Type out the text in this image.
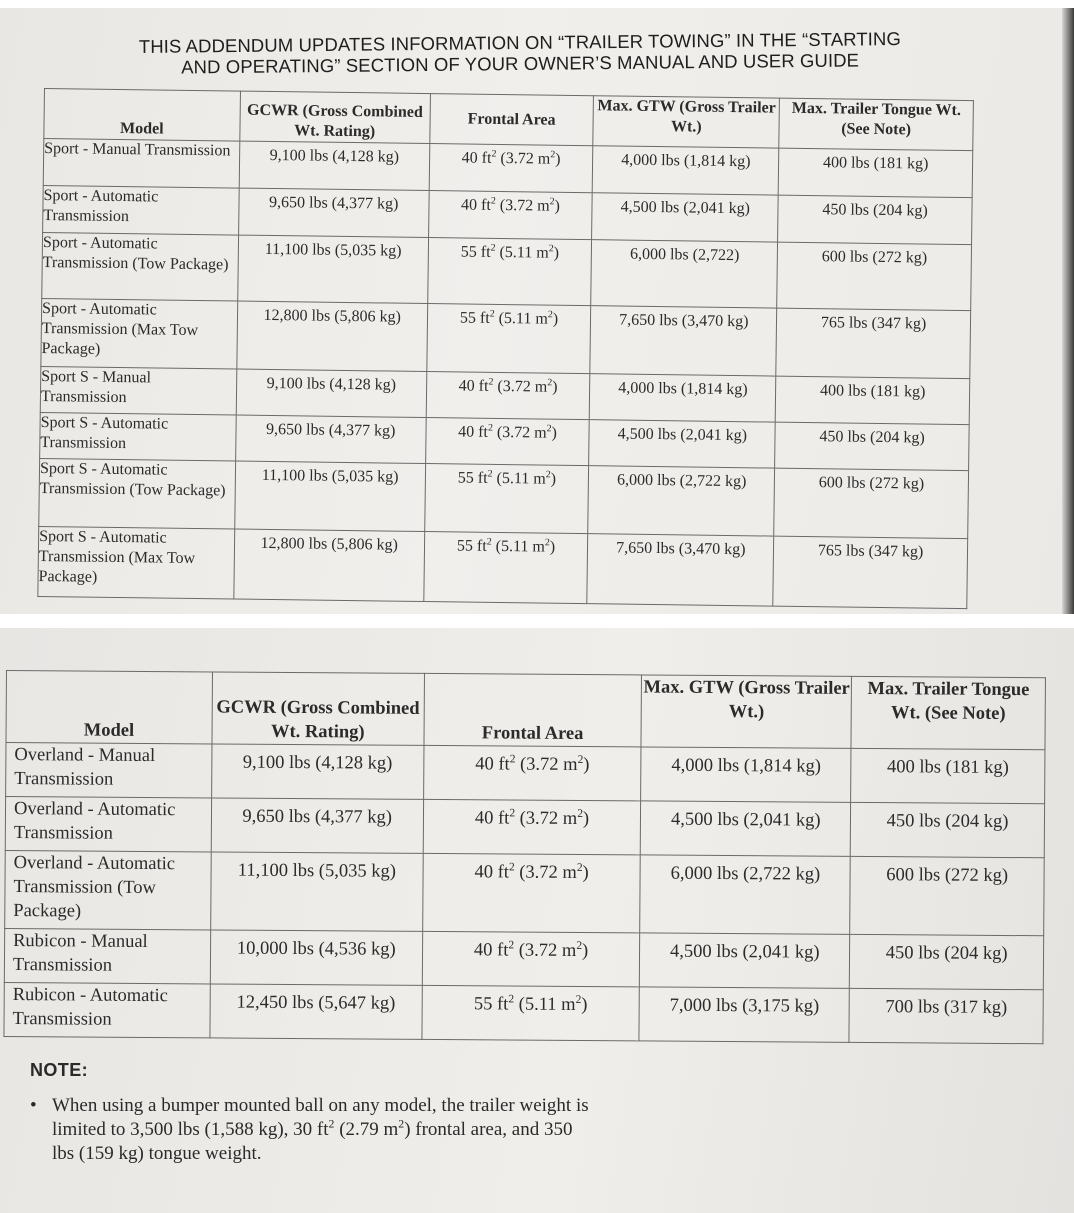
THIS ADDENDUM UPDATES INFORMATION ON “TRAILER TOWING” IN THE “STARTING
AND OPERATING” SECTION OF YOUR OWNER’S MANUAL AND USER GUIDE
Model	GCWR (Gross Combined Wt. Rating)	Frontal Area	Max. GTW (Gross Trailer Wt.)	Max. Trailer Tongue Wt. (See Note)
Sport - Manual Transmission	9,100 lbs (4,128 kg)	40 $ft^2$ (3.72 $m^2$)	4,000 lbs (1,814 kg)	400 lbs (181 kg)
Sport - Automatic Transmission	9,650 lbs (4,377 kg)	40 $ft^2$ (3.72 $m^2$)	4,500 lbs (2,041 kg)	450 lbs (204 kg)
Sport - Automatic Transmission (Tow Package)	11,100 lbs (5,035 kg)	55 $ft^2$ (5.11 $m^2$)	6,000 lbs (2,722)	600 lbs (272 kg)
Sport - Automatic Transmission (Max Tow Package)	12,800 lbs (5,806 kg)	55 $ft^2$ (5.11 $m^2$)	7,650 lbs (3,470 kg)	765 lbs (347 kg)
Sport S - Manual Transmission	9,100 lbs (4,128 kg)	40 $ft^2$ (3.72 $m^2$)	4,000 lbs (1,814 kg)	400 lbs (181 kg)
Sport S - Automatic Transmission	9,650 lbs (4,377 kg)	40 $ft^2$ (3.72 $m^2$)	4,500 lbs (2,041 kg)	450 lbs (204 kg)
Sport S - Automatic Transmission (Tow Package)	11,100 lbs (5,035 kg)	55 $ft^2$ (5.11 $m^2$)	6,000 lbs (2,722 kg)	600 lbs (272 kg)
Sport S - Automatic Transmission (Max Tow Package)	12,800 lbs (5,806 kg)	55 $ft^2$ (5.11 $m^2$)	7,650 lbs (3,470 kg)	765 lbs (347 kg)
Model	GCWR (Gross Combined Wt. Rating)	Frontal Area	Max. GTW (Gross Trailer Wt.)	Max. Trailer Tongue Wt. (See Note)
Overland - Manual Transmission	9,100 lbs (4,128 kg)	40 $ft^2$ (3.72 $m^2$)	4,000 lbs (1,814 kg)	400 lbs (181 kg)
Overland - Automatic Transmission	9,650 lbs (4,377 kg)	40 $ft^2$ (3.72 $m^2$)	4,500 lbs (2,041 kg)	450 lbs (204 kg)
Overland - Automatic Transmission (Tow Package)	11,100 lbs (5,035 kg)	40 $ft^2$ (3.72 $m^2$)	6,000 lbs (2,722 kg)	600 lbs (272 kg)
Rubicon - Manual Transmission	10,000 lbs (4,536 kg)	40 $ft^2$ (3.72 $m^2$)	4,500 lbs (2,041 kg)	450 lbs (204 kg)
Rubicon - Automatic Transmission	12,450 lbs (5,647 kg)	55 $ft^2$ (5.11 $m^2$)	7,000 lbs (3,175 kg)	700 lbs (317 kg)
NOTE:
• When using a bumper mounted ball on any model, the trailer weight is limited to 3,500 lbs (1,588 kg), 30 $ft^2$ (2.79 $m^2$) frontal area, and 350 lbs (159 kg) tongue weight.
